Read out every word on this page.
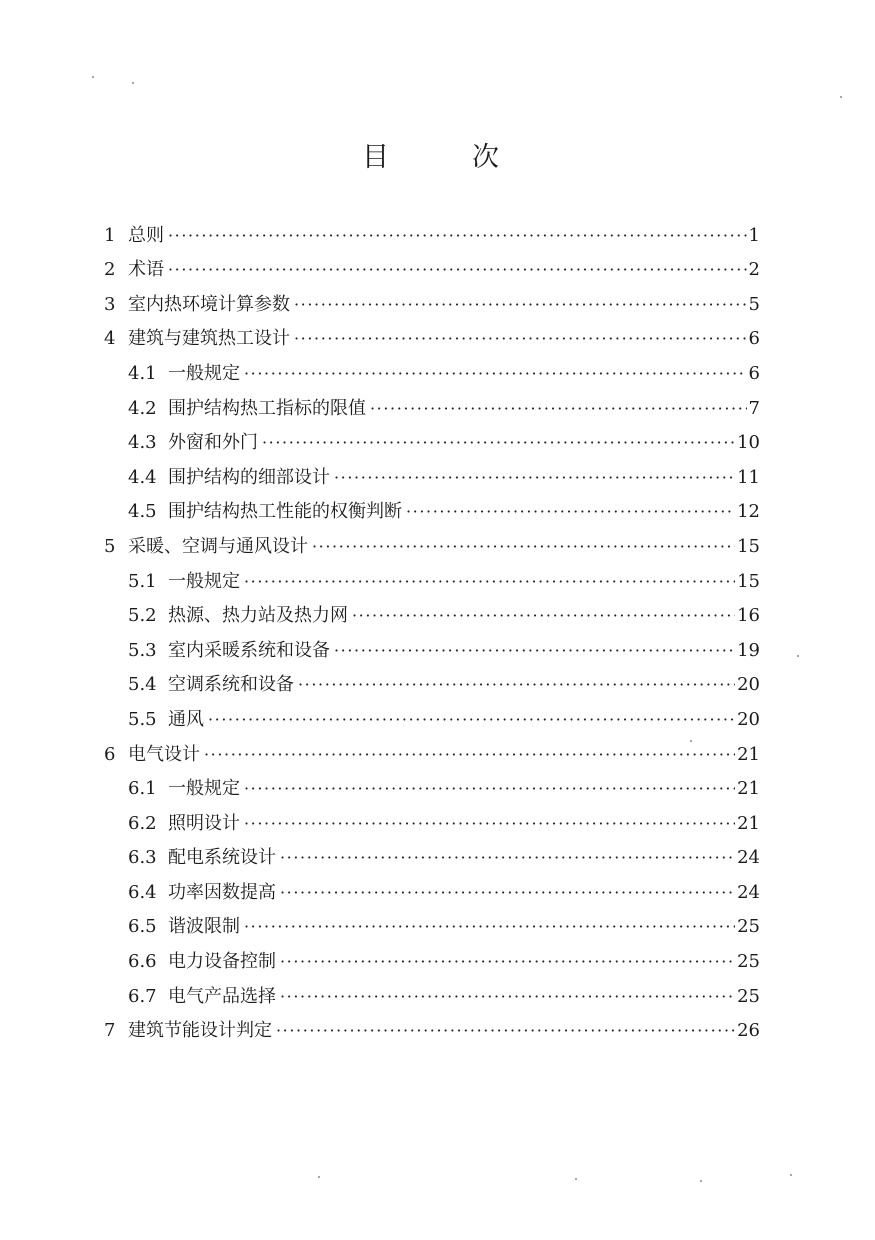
目　次
1 总则 ·····	1
2 术语 ·····	2
3 室内热环境计算参数 ·····	5
4 建筑与建筑热工设计 ·····	6
4.1 一般规定 ·····	6
4.2 围护结构热工指标的限值 ·····	7
4.3 外窗和外门 ·····	10
4.4 围护结构的细部设计 ·····	11
4.5 围护结构热工性能的权衡判断 ·····	12
5 采暖、空调与通风设计 ·····	15
5.1 一般规定 ·····	15
5.2 热源、热力站及热力网 ·····	16
5.3 室内采暖系统和设备 ·····	19
5.4 空调系统和设备 ·····	20
5.5 通风 ·····	20
6 电气设计 ·····	21
6.1 一般规定 ·····	21
6.2 照明设计 ·····	21
6.3 配电系统设计 ·····	24
6.4 功率因数提高 ·····	24
6.5 谐波限制 ·····	25
6.6 电力设备控制 ·····	25
6.7 电气产品选择 ·····	25
7 建筑节能设计判定 ·····	26
